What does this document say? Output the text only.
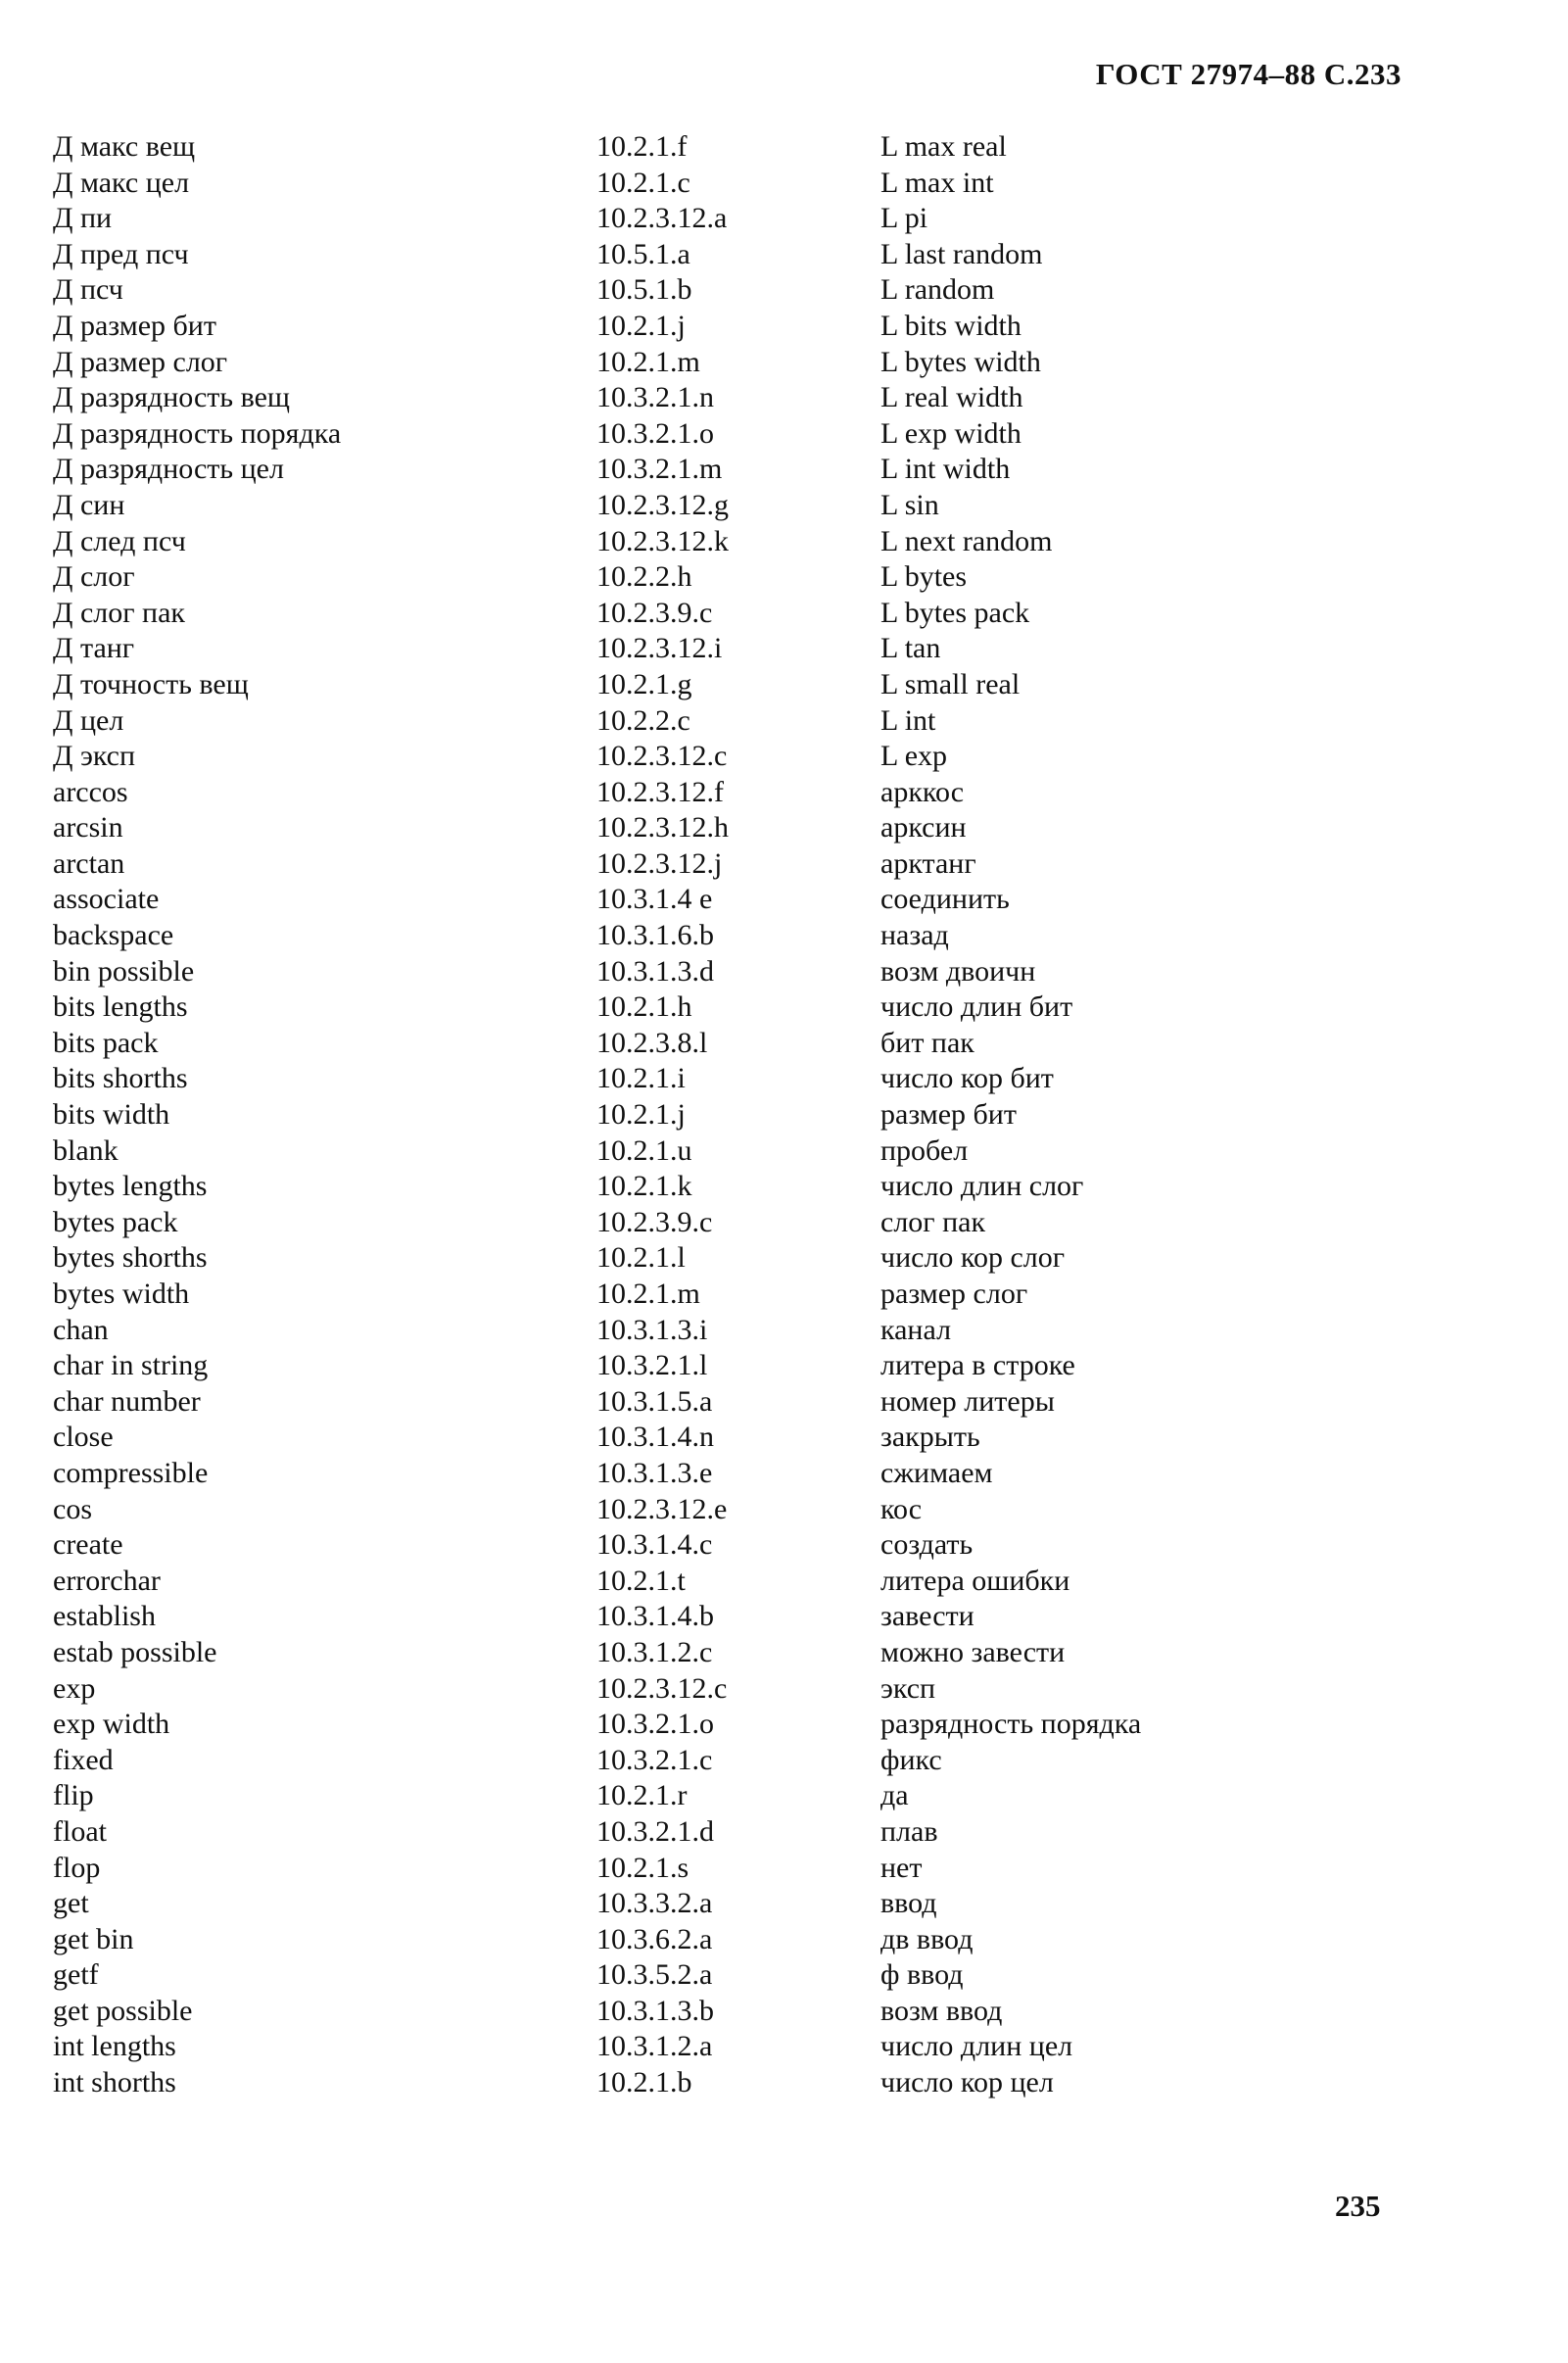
ГОСТ 27974–88 С.233
Д макс вещ	10.2.1.f	L max real
Д макс цел	10.2.1.c	L max int
Д пи	10.2.3.12.a	L pi
Д пред псч	10.5.1.a	L last random
Д псч	10.5.1.b	L random
Д размер бит	10.2.1.j	L bits width
Д размер слог	10.2.1.m	L bytes width
Д разрядность вещ	10.3.2.1.n	L real width
Д разрядность порядка	10.3.2.1.o	L exp width
Д разрядность цел	10.3.2.1.m	L int width
Д син	10.2.3.12.g	L sin
Д след псч	10.2.3.12.k	L next random
Д слог	10.2.2.h	L bytes
Д слог пак	10.2.3.9.c	L bytes pack
Д танг	10.2.3.12.i	L tan
Д точность вещ	10.2.1.g	L small real
Д цел	10.2.2.c	L int
Д эксп	10.2.3.12.c	L exp
arccos	10.2.3.12.f	арккос
arcsin	10.2.3.12.h	арксин
arctan	10.2.3.12.j	арктанг
associate	10.3.1.4 e	соединить
backspace	10.3.1.6.b	назад
bin possible	10.3.1.3.d	возм двоичн
bits lengths	10.2.1.h	число длин бит
bits pack	10.2.3.8.l	бит пак
bits shorths	10.2.1.i	число кор бит
bits width	10.2.1.j	размер бит
blank	10.2.1.u	пробел
bytes lengths	10.2.1.k	число длин слог
bytes pack	10.2.3.9.c	слог пак
bytes shorths	10.2.1.l	число кор слог
bytes width	10.2.1.m	размер слог
chan	10.3.1.3.i	канал
char in string	10.3.2.1.l	литера в строке
char number	10.3.1.5.a	номер литеры
close	10.3.1.4.n	закрыть
compressible	10.3.1.3.e	сжимаем
cos	10.2.3.12.e	кос
create	10.3.1.4.c	создать
errorchar	10.2.1.t	литера ошибки
establish	10.3.1.4.b	завести
estab possible	10.3.1.2.c	можно завести
exp	10.2.3.12.c	эксп
exp width	10.3.2.1.o	разрядность порядка
fixed	10.3.2.1.c	фикс
flip	10.2.1.r	да
float	10.3.2.1.d	плав
flop	10.2.1.s	нет
get	10.3.3.2.a	ввод
get bin	10.3.6.2.a	дв ввод
getf	10.3.5.2.a	ф ввод
get possible	10.3.1.3.b	возм ввод
int lengths	10.3.1.2.a	число длин цел
int shorths	10.2.1.b	число кор цел
235
